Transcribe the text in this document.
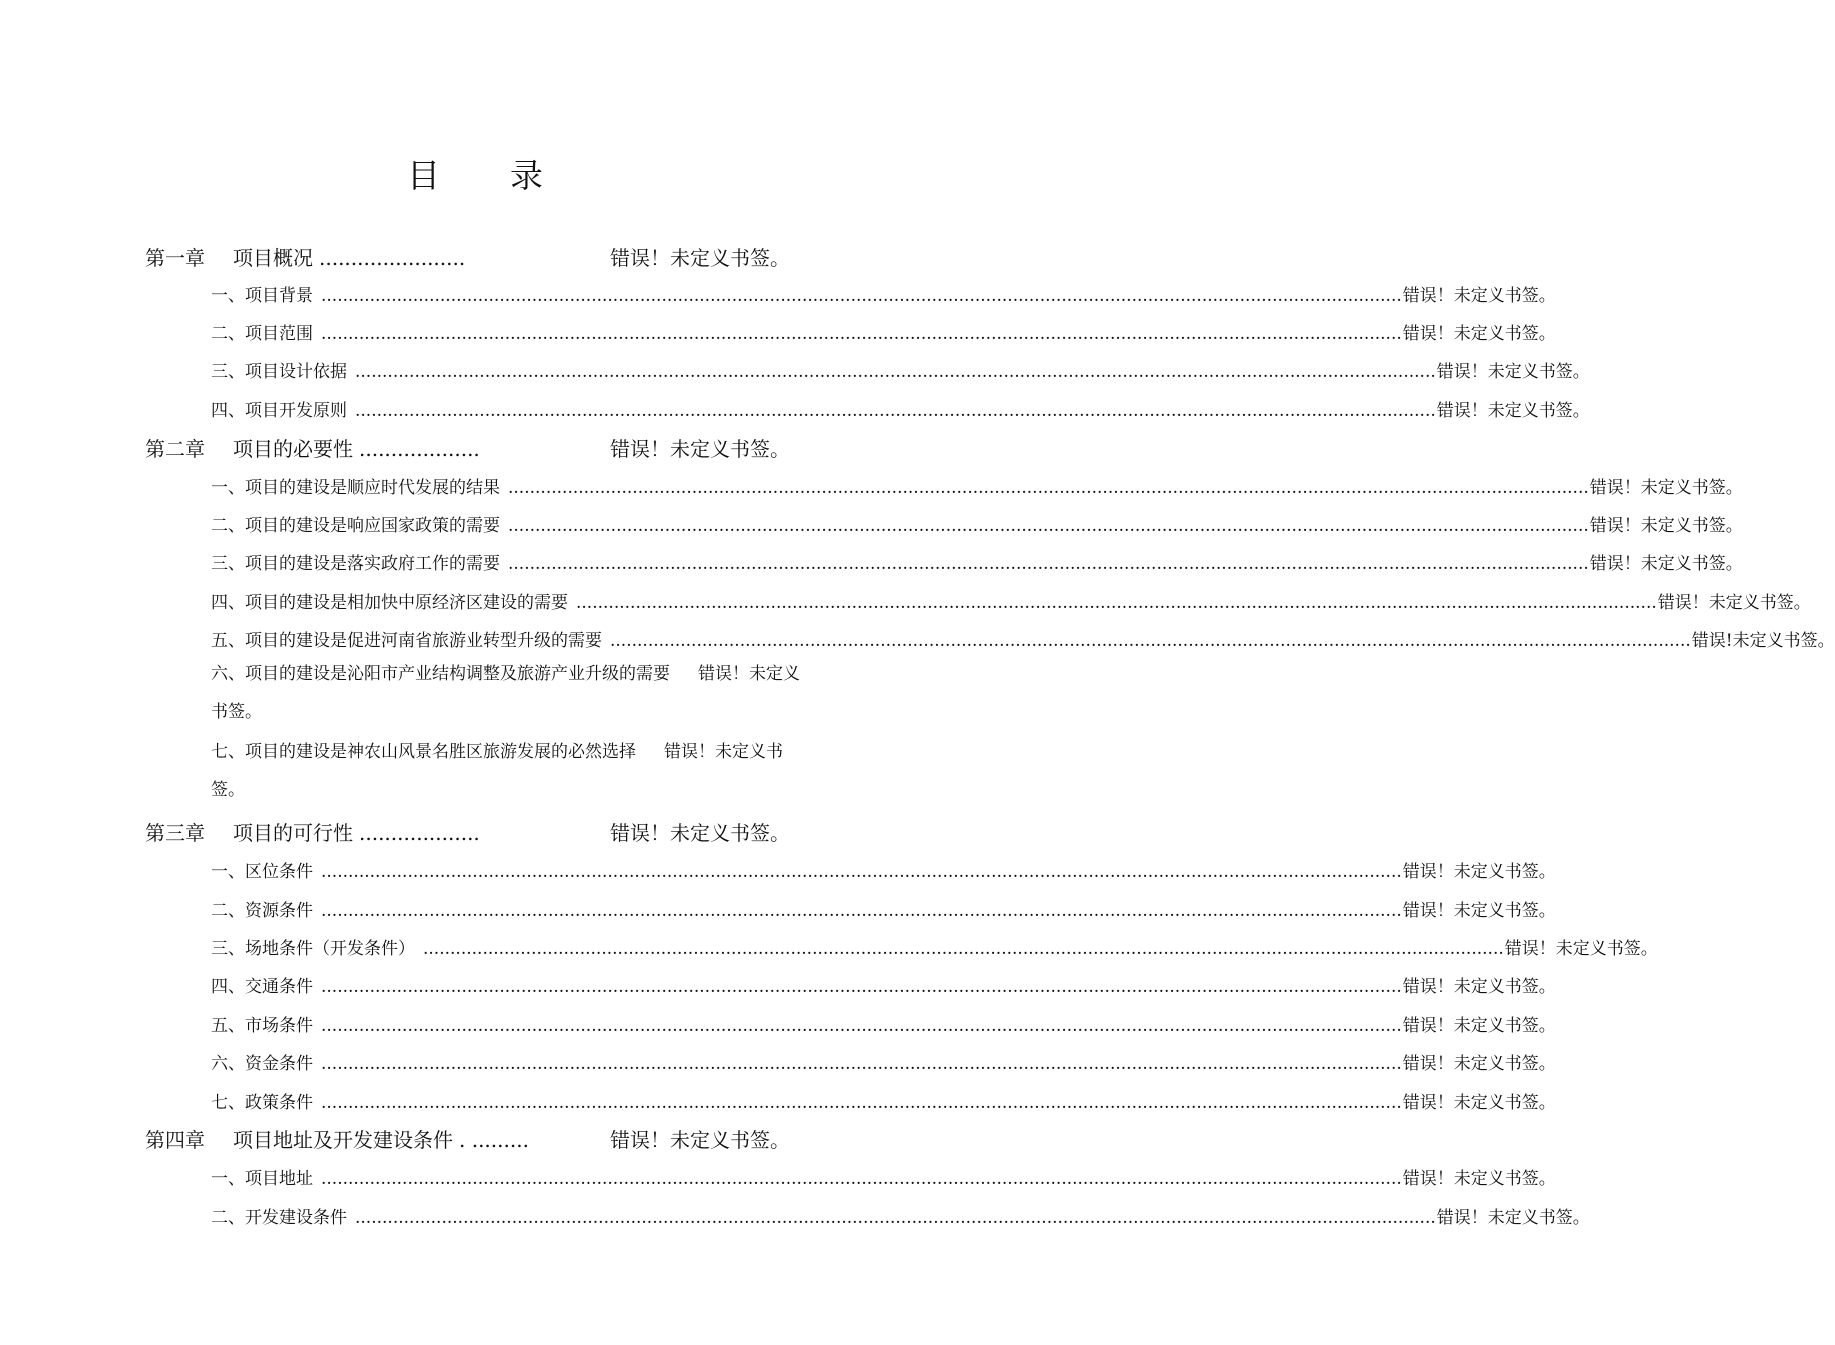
目录
第一章 项目概况 .......................	错误！未定义书签。
一、项目背景 ........................................................................................................................................................................................................ 错误！未定义书签。
二、项目范围 ........................................................................................................................................................................................................ 错误！未定义书签。
三、项目设计依据 ........................................................................................................................................................................................................ 错误！未定义书签。
四、项目开发原则 ........................................................................................................................................................................................................ 错误！未定义书签。
第二章 项目的必要性 ...................	错误！未定义书签。
一、项目的建设是顺应时代发展的结果 ........................................................................................................................................................................................................ 错误！未定义书签。
二、项目的建设是响应国家政策的需要 ........................................................................................................................................................................................................ 错误！未定义书签。
三、项目的建设是落实政府工作的需要 ........................................................................................................................................................................................................ 错误！未定义书签。
四、项目的建设是相加快中原经济区建设的需要 ........................................................................................................................................................................................................ 错误！未定义书签。
五、项目的建设是促进河南省旅游业转型升级的需要 ........................................................................................................................................................................................................ 错误!未定义书签。
六、项目的建设是沁阳市产业结构调整及旅游产业升级的需要 错误！未定义书签。
七、项目的建设是神农山风景名胜区旅游发展的必然选择 错误！未定义书签。
第三章 项目的可行性 ...................	错误！未定义书签。
一、区位条件 ........................................................................................................................................................................................................ 错误！未定义书签。
二、资源条件 ........................................................................................................................................................................................................ 错误！未定义书签。
三、场地条件（开发条件） ........................................................................................................................................................................................................ 错误！未定义书签。
四、交通条件 ........................................................................................................................................................................................................ 错误！未定义书签。
五、市场条件 ........................................................................................................................................................................................................ 错误！未定义书签。
六、资金条件 ........................................................................................................................................................................................................ 错误！未定义书签。
七、政策条件 ........................................................................................................................................................................................................ 错误！未定义书签。
第四章 项目地址及开发建设条件 . .........	错误！未定义书签。
一、项目地址 ........................................................................................................................................................................................................ 错误！未定义书签。
二、开发建设条件 ........................................................................................................................................................................................................ 错误！未定义书签。
